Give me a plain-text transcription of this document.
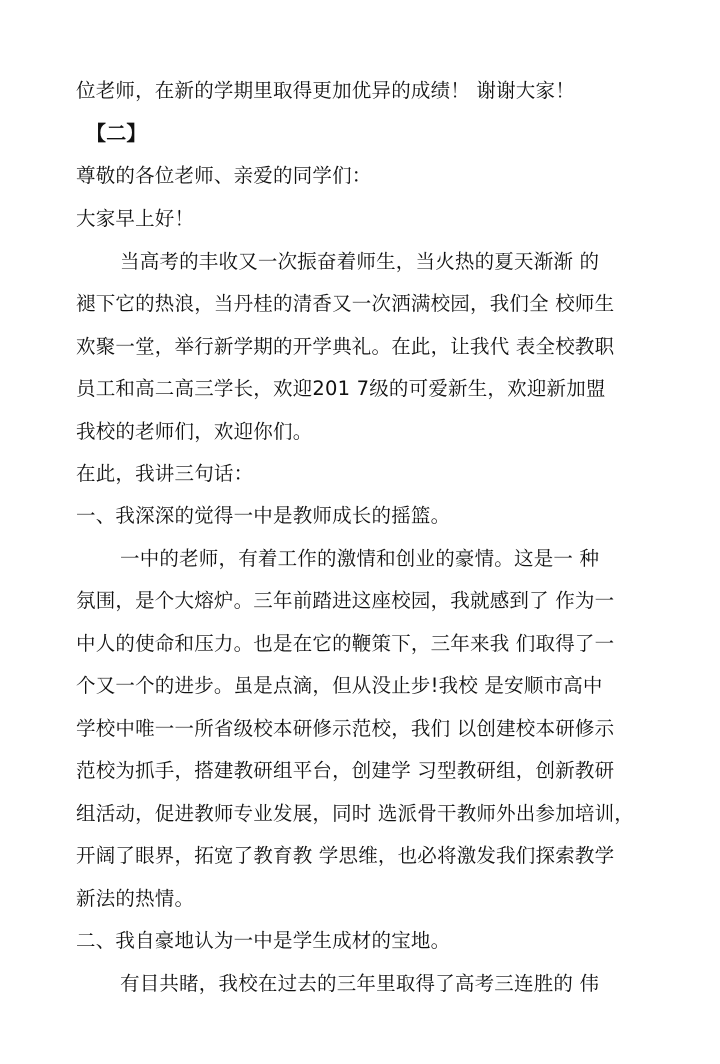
位老师，在新的学期里取得更加优异的成绩！ 谢谢大家！
【二】
尊敬的各位老师、亲爱的同学们：
大家早上好！
当高考的丰收又一次振奋着师生，当火热的夏天渐渐 的
褪下它的热浪，当丹桂的清香又一次洒满校园，我们全 校师生
欢聚一堂，举行新学期的开学典礼。在此，让我代 表全校教职
员工和高二高三学长，欢迎201 7级的可爱新生，欢迎新加盟
我校的老师们，欢迎你们。
在此，我讲三句话：
一、我深深的觉得一中是教师成长的摇篮。
一中的老师，有着工作的激情和创业的豪情。这是一 种
氛围，是个大熔炉。三年前踏进这座校园，我就感到了 作为一
中人的使命和压力。也是在它的鞭策下，三年来我 们取得了一
个又一个的进步。虽是点滴，但从没止步!我校 是安顺市高中
学校中唯一一所省级校本研修示范校，我们 以创建校本研修示
范校为抓手，搭建教研组平台，创建学 习型教研组，创新教研
组活动，促进教师专业发展，同时 选派骨干教师外出参加培训，
开阔了眼界，拓宽了教育教 学思维，也必将激发我们探索教学
新法的热情。
二、我自豪地认为一中是学生成材的宝地。
有目共睹，我校在过去的三年里取得了高考三连胜的 伟
